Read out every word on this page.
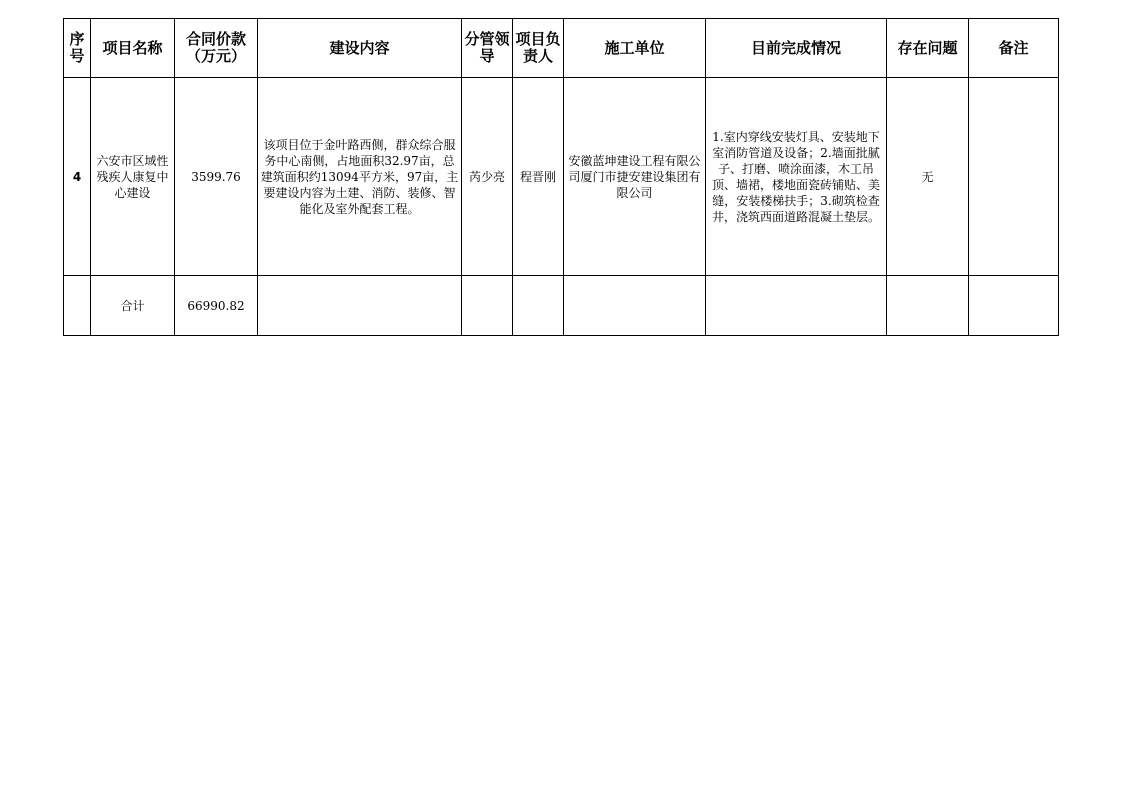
序号	项目名称	合同价款（万元）	建设内容	分管领导	项目负责人	施工单位	目前完成情况	存在问题	备注

4	六安市区域性残疾人康复中心建设	3599.76	该项目位于金叶路西侧，群众综合服务中心南侧，占地面积32.97亩，总建筑面积约13094平方米，97亩，主要建设内容为土建、消防、装修、智能化及室外配套工程。	芮少亮	程晋刚	安徽蓝坤建设工程有限公司厦门市捷安建设集团有限公司	1.室内穿线安装灯具、安装地下室消防管道及设备；2.墙面批腻子、打磨、喷涂面漆，木工吊顶、墙裙，楼地面瓷砖铺贴、美缝，安装楼梯扶手；3.砌筑检查井，浇筑西面道路混凝土垫层。	无	
	合计	66990.82							
